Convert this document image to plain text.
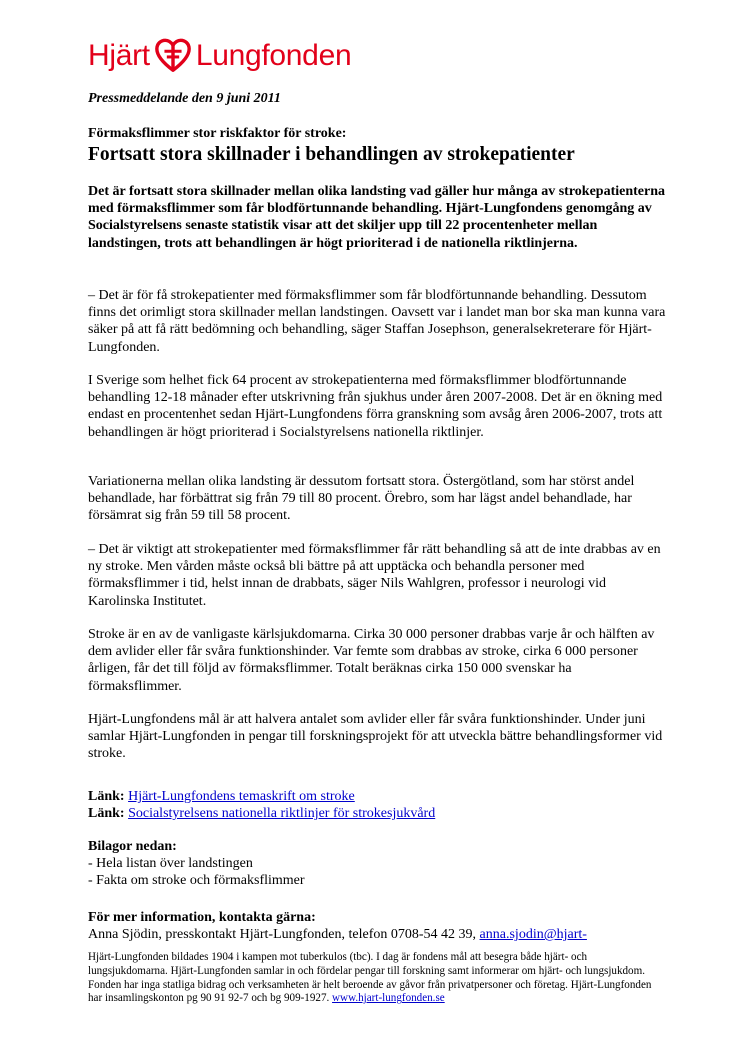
Hjärt Lungfonden
Pressmeddelande den 9 juni 2011
Förmaksflimmer stor riskfaktor för stroke:
Fortsatt stora skillnader i behandlingen av strokepatienter
Det är fortsatt stora skillnader mellan olika landsting vad gäller hur många av strokepatienterna med förmaksflimmer som får blodförtunnande behandling. Hjärt-Lungfondens genomgång av Socialstyrelsens senaste statistik visar att det skiljer upp till 22 procentenheter mellan landstingen, trots att behandlingen är högt prioriterad i de nationella riktlinjerna.
– Det är för få strokepatienter med förmaksflimmer som får blodförtunnande behandling. Dessutom finns det orimligt stora skillnader mellan landstingen. Oavsett var i landet man bor ska man kunna vara säker på att få rätt bedömning och behandling, säger Staffan Josephson, generalsekreterare för Hjärt-Lungfonden.
I Sverige som helhet fick 64 procent av strokepatienterna med förmaksflimmer blodförtunnande behandling 12-18 månader efter utskrivning från sjukhus under åren 2007-2008. Det är en ökning med endast en procentenhet sedan Hjärt-Lungfondens förra granskning som avsåg åren 2006-2007, trots att behandlingen är högt prioriterad i Socialstyrelsens nationella riktlinjer.
Variationerna mellan olika landsting är dessutom fortsatt stora. Östergötland, som har störst andel behandlade, har förbättrat sig från 79 till 80 procent. Örebro, som har lägst andel behandlade, har försämrat sig från 59 till 58 procent.
– Det är viktigt att strokepatienter med förmaksflimmer får rätt behandling så att de inte drabbas av en ny stroke. Men vården måste också bli bättre på att upptäcka och behandla personer med förmaksflimmer i tid, helst innan de drabbats, säger Nils Wahlgren, professor i neurologi vid Karolinska Institutet.
Stroke är en av de vanligaste kärlsjukdomarna. Cirka 30 000 personer drabbas varje år och hälften av dem avlider eller får svåra funktionshinder. Var femte som drabbas av stroke, cirka 6 000 personer årligen, får det till följd av förmaksflimmer. Totalt beräknas cirka 150 000 svenskar ha förmaksflimmer.
Hjärt-Lungfondens mål är att halvera antalet som avlider eller får svåra funktionshinder. Under juni samlar Hjärt-Lungfonden in pengar till forskningsprojekt för att utveckla bättre behandlingsformer vid stroke.
Länk: Hjärt-Lungfondens temaskrift om stroke
Länk: Socialstyrelsens nationella riktlinjer för strokesjukvård
Bilagor nedan:
- Hela listan över landstingen
- Fakta om stroke och förmaksflimmer
För mer information, kontakta gärna:
Anna Sjödin, presskontakt Hjärt-Lungfonden, telefon 0708-54 42 39, anna.sjodin@hjart-
Hjärt-Lungfonden bildades 1904 i kampen mot tuberkulos (tbc). I dag är fondens mål att besegra både hjärt- och lungsjukdomarna. Hjärt-Lungfonden samlar in och fördelar pengar till forskning samt informerar om hjärt- och lungsjukdom. Fonden har inga statliga bidrag och verksamheten är helt beroende av gåvor från privatpersoner och företag. Hjärt-Lungfonden har insamlingskonton pg 90 91 92-7 och bg 909-1927. www.hjart-lungfonden.se
